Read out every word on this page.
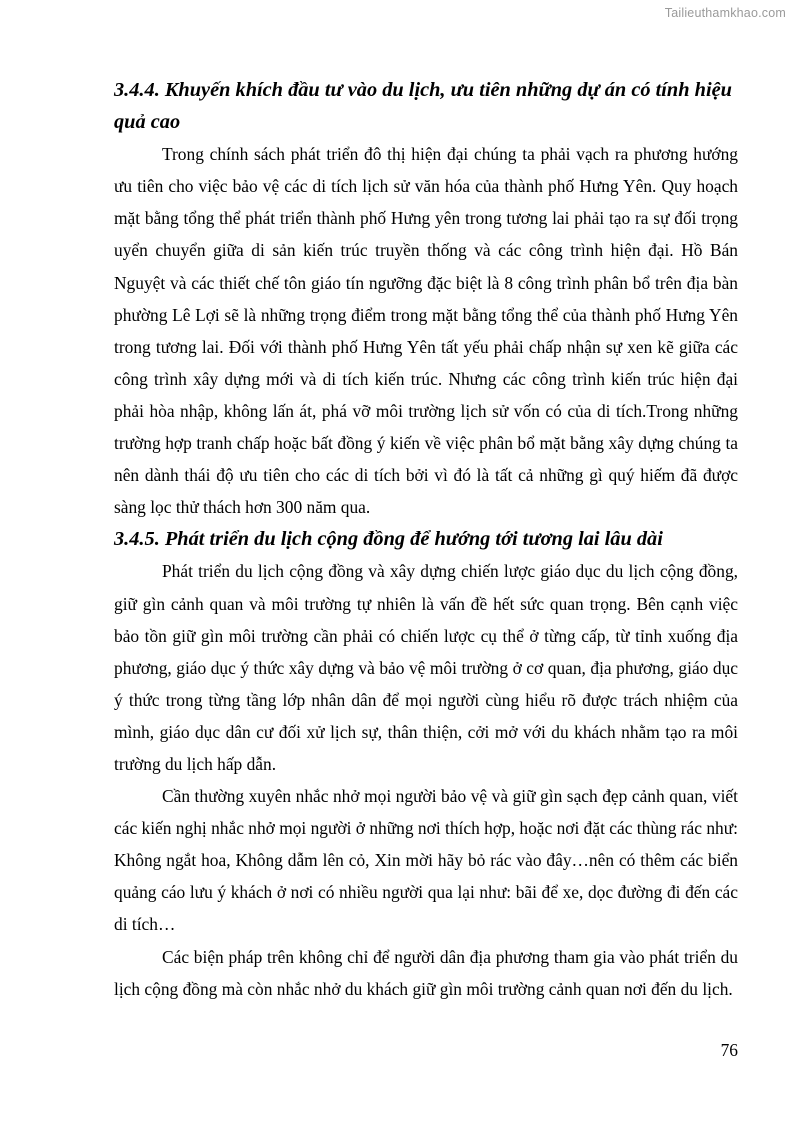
Tailieuthamkhao.com
3.4.4. Khuyến khích đầu tư vào du lịch, ưu tiên những dự án có tính hiệu quả cao

Trong chính sách phát triển đô thị hiện đại chúng ta phải vạch ra phương hướng ưu tiên cho việc bảo vệ các di tích lịch sử văn hóa của thành phố Hưng Yên. Quy hoạch mặt bằng tổng thể phát triển thành phố Hưng yên trong tương lai phải tạo ra sự đối trọng uyển chuyển giữa di sản kiến trúc truyền thống và các công trình hiện đại. Hồ Bán Nguyệt và các thiết chế tôn giáo tín ngưỡng đặc biệt là 8 công trình phân bổ trên địa bàn phường Lê Lợi sẽ là những trọng điểm trong mặt bằng tổng thể của thành phố Hưng Yên trong tương lai. Đối với thành phố Hưng Yên tất yếu phải chấp nhận sự xen kẽ giữa các công trình xây dựng mới và di tích kiến trúc. Nhưng các công trình kiến trúc hiện đại phải hòa nhập, không lấn át, phá vỡ môi trường lịch sử vốn có của di tích.Trong những trường hợp tranh chấp hoặc bất đồng ý kiến về việc phân bổ mặt bằng xây dựng chúng ta nên dành thái độ ưu tiên cho các di tích bởi vì đó là tất cả những gì quý hiếm đã được sàng lọc thử thách hơn 300 năm qua.

3.4.5. Phát triển du lịch cộng đồng để hướng tới tương lai lâu dài

Phát triển du lịch cộng đồng và xây dựng chiến lược giáo dục du lịch cộng đồng, giữ gìn cảnh quan và môi trường tự nhiên là vấn đề hết sức quan trọng. Bên cạnh việc bảo tồn giữ gìn môi trường cần phải có chiến lược cụ thể ở từng cấp, từ tỉnh xuống địa phương, giáo dục ý thức xây dựng và bảo vệ môi trường ở cơ quan, địa phương, giáo dục ý thức trong từng tầng lớp nhân dân để mọi người cùng hiểu rõ được trách nhiệm của mình, giáo dục dân cư đối xử lịch sự, thân thiện, cởi mở với du khách nhằm tạo ra môi trường du lịch hấp dẫn.

Cần thường xuyên nhắc nhở mọi người bảo vệ và giữ gìn sạch đẹp cảnh quan, viết các kiến nghị nhắc nhở mọi người ở những nơi thích hợp, hoặc nơi đặt các thùng rác như: Không ngắt hoa, Không dẫm lên cỏ, Xin mời hãy bỏ rác vào đây…nên có thêm các biển quảng cáo lưu ý khách ở nơi có nhiều người qua lại như: bãi để xe, dọc đường đi đến các di tích…

Các biện pháp trên không chỉ để người dân địa phương tham gia vào phát triển du lịch cộng đồng mà còn nhắc nhở du khách giữ gìn môi trường cảnh quan nơi đến du lịch.

76
